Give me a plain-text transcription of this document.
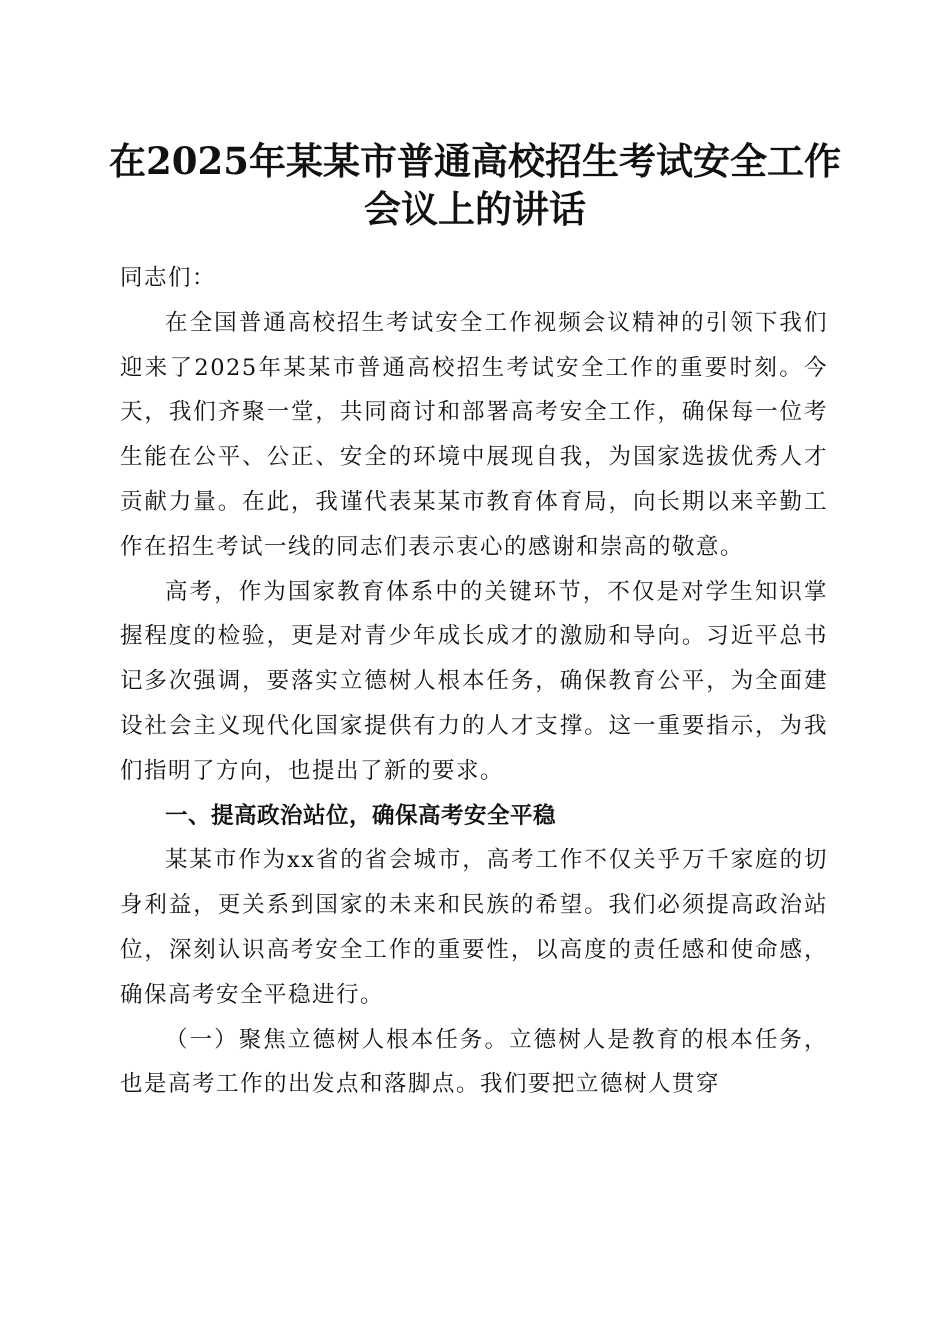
在2025年某某市普通高校招生考试安全工作
会议上的讲话

同志们：

在全国普通高校招生考试安全工作视频会议精神的引领下我们迎来了2025年某某市普通高校招生考试安全工作的重要时刻。今天，我们齐聚一堂，共同商讨和部署高考安全工作，确保每一位考生能在公平、公正、安全的环境中展现自我，为国家选拔优秀人才贡献力量。在此，我谨代表某某市教育体育局，向长期以来辛勤工作在招生考试一线的同志们表示衷心的感谢和崇高的敬意。

高考，作为国家教育体系中的关键环节，不仅是对学生知识掌握程度的检验，更是对青少年成长成才的激励和导向。习近平总书记多次强调，要落实立德树人根本任务，确保教育公平，为全面建设社会主义现代化国家提供有力的人才支撑。这一重要指示，为我们指明了方向，也提出了新的要求。

一、提高政治站位，确保高考安全平稳

某某市作为xx省的省会城市，高考工作不仅关乎万千家庭的切身利益，更关系到国家的未来和民族的希望。我们必须提高政治站位，深刻认识高考安全工作的重要性，以高度的责任感和使命感，确保高考安全平稳进行。

（一）聚焦立德树人根本任务。立德树人是教育的根本任务，也是高考工作的出发点和落脚点。我们要把立德树人贯穿
